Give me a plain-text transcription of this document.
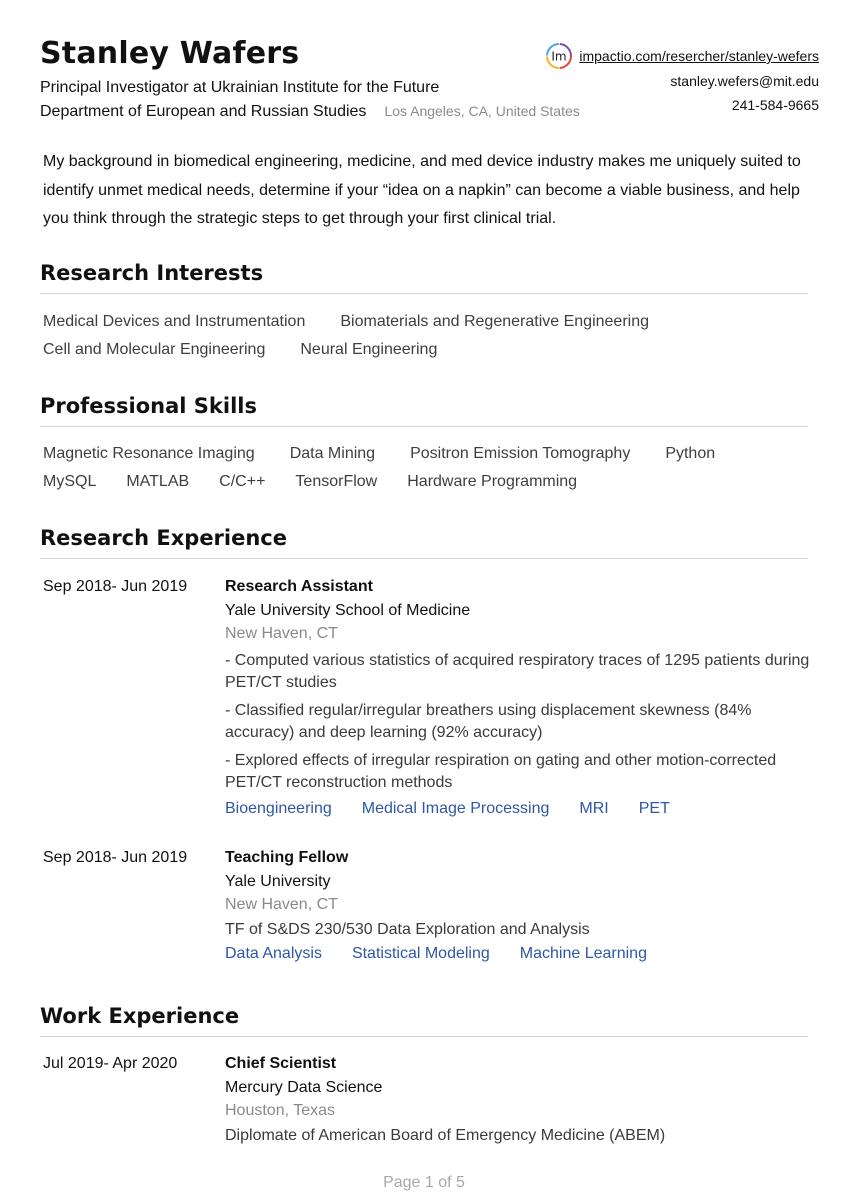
Stanley Wafers
Principal Investigator at Ukrainian Institute for the Future
Department of European and Russian Studies Los Angeles, CA, United States
Im impactio.com/resercher/stanley-wefers
stanley.wefers@mit.edu
241-584-9665
My background in biomedical engineering, medicine, and med device industry makes me uniquely suited to identify unmet medical needs, determine if your “idea on a napkin” can become a viable business, and help you think through the strategic steps to get through your first clinical trial.
Research Interests
Medical Devices and Instrumentation Biomaterials and Regenerative Engineering
Cell and Molecular Engineering Neural Engineering
Professional Skills
Magnetic Resonance Imaging Data Mining Positron Emission Tomography Python
MySQL MATLAB C/C++ TensorFlow Hardware Programming
Research Experience
Sep 2018- Jun 2019 Research Assistant
Yale University School of Medicine
New Haven, CT
- Computed various statistics of acquired respiratory traces of 1295 patients during PET/CT studies
- Classified regular/irregular breathers using displacement skewness (84% accuracy) and deep learning (92% accuracy)
- Explored effects of irregular respiration on gating and other motion-corrected PET/CT reconstruction methods
Bioengineering Medical Image Processing MRI PET
Sep 2018- Jun 2019 Teaching Fellow
Yale University
New Haven, CT
TF of S&DS 230/530 Data Exploration and Analysis
Data Analysis Statistical Modeling Machine Learning
Work Experience
Jul 2019- Apr 2020	Chief Scientist
Mercury Data Science
Houston, Texas
Diplomate of American Board of Emergency Medicine (ABEM)
Page 1 of 5
